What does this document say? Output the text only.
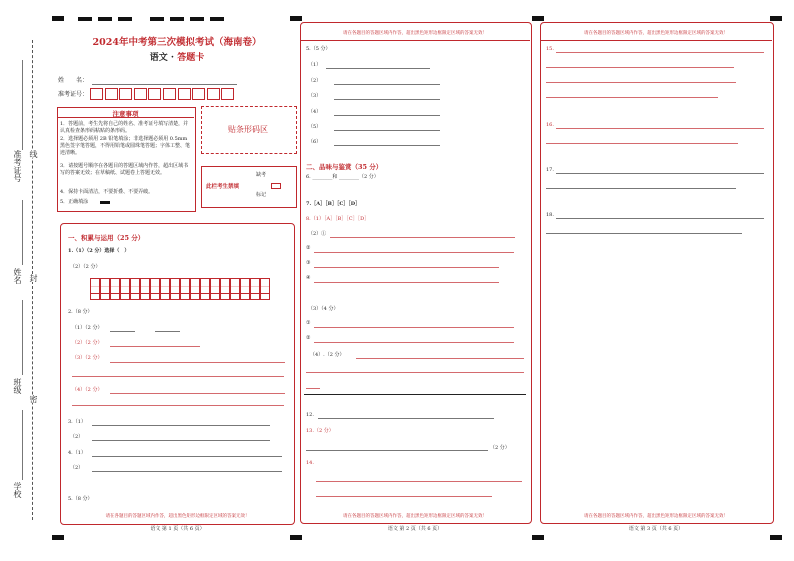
准考证号 线
姓名 封
班级
密
学校
2024年中考第三次模拟考试（海南卷）
语文 · 答题卡
姓　　名：
准考证号：
注意事项
1．答题前，考生先将自己的姓名、准考证号填写清楚，并认真检查条形码粘贴的条形码。
2．选择题必须用 2B 铅笔填涂；非选择题必须用 0.5mm 黑色签字笔答题，不得用铅笔或圆珠笔答题；字体工整、笔迹清晰。
3．请按题号顺序在各题目的答题区域内作答，超出区域书写的答案无效；在草稿纸、试题卷上答题无效。
4．保持卡面清洁，不要折叠、不要弄破。
5．正确填涂
贴条形码区
此栏考生禁填
缺考
标记
一、积累与运用（25 分）
1.（1）（2 分）选择（　）
（2）（2 分）
2.（8 分）
（1）（2 分）
（2）（2 分）
（3）（2 分）
（4）（2 分）
3.（1）
（2）
4.（1）
（2）
5.（8 分）
请在各题目的答题区域内作答，超出黑色矩形边框限定区域的答案无效！
语文 第 1 页（共 6 页）
请在各题目的答题区域内作答，超出黑色矩形边框限定区域的答案无效！
5.（5 分）
（1）
（2）
（3）
（4）
（5）
（6）
二、品味与鉴赏（35 分）
6. ________和 ________（2 分）
7.［A］［B］［C］［D］
8.（1）［A］［B］［C］［D］
（2）①
②
③
④
（3）（4 分）
①
②
（4）.（2 分）
12.
13.（2 分）
（2 分）
14.
请在各题目的答题区域内作答，超出黑色矩形边框限定区域的答案无效！
语文 第 2 页（共 6 页）
请在各题目的答题区域内作答，超出黑色矩形边框限定区域的答案无效！
15.
16.
17.
18.
请在各题目的答题区域内作答，超出黑色矩形边框限定区域的答案无效！
语文 第 3 页（共 6 页）
